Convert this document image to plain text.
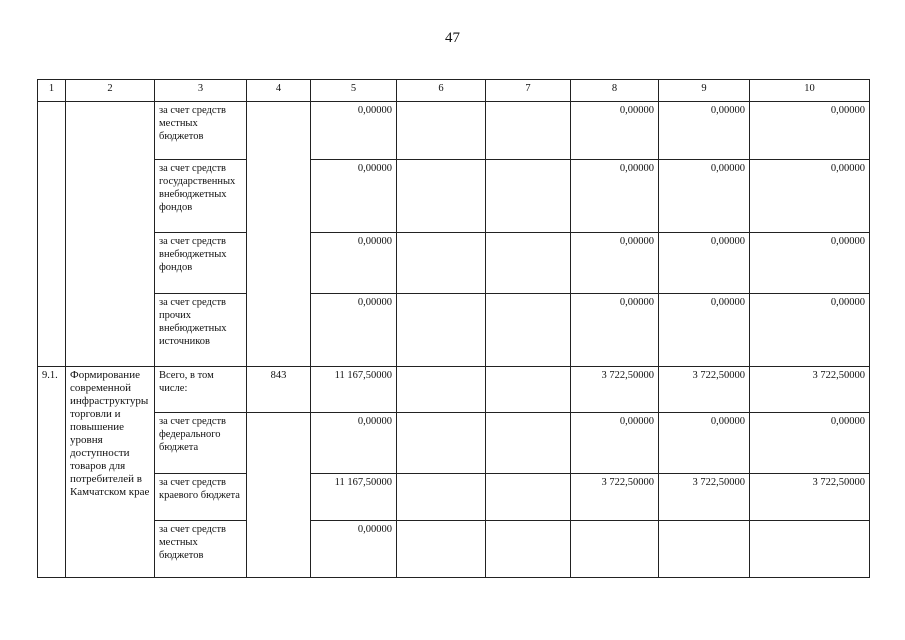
47
1	2	3	4	5	6	7	8	9	10
		за счет средств местных бюджетов		0,00000			0,00000	0,00000	0,00000
		за счет средств государственных внебюджетных фондов		0,00000			0,00000	0,00000	0,00000
		за счет средств внебюджетных фондов		0,00000			0,00000	0,00000	0,00000
		за счет средств прочих внебюджетных источников		0,00000			0,00000	0,00000	0,00000
9.1.	Формирование современной инфраструктуры торговли и повышение уровня доступности товаров для потребителей в Камчатском крае	Всего, в том числе:	843	11 167,50000			3 722,50000	3 722,50000	3 722,50000
		за счет средств федерального бюджета		0,00000			0,00000	0,00000	0,00000
		за счет средств краевого бюджета		11 167,50000			3 722,50000	3 722,50000	3 722,50000
		за счет средств местных бюджетов		0,00000					
